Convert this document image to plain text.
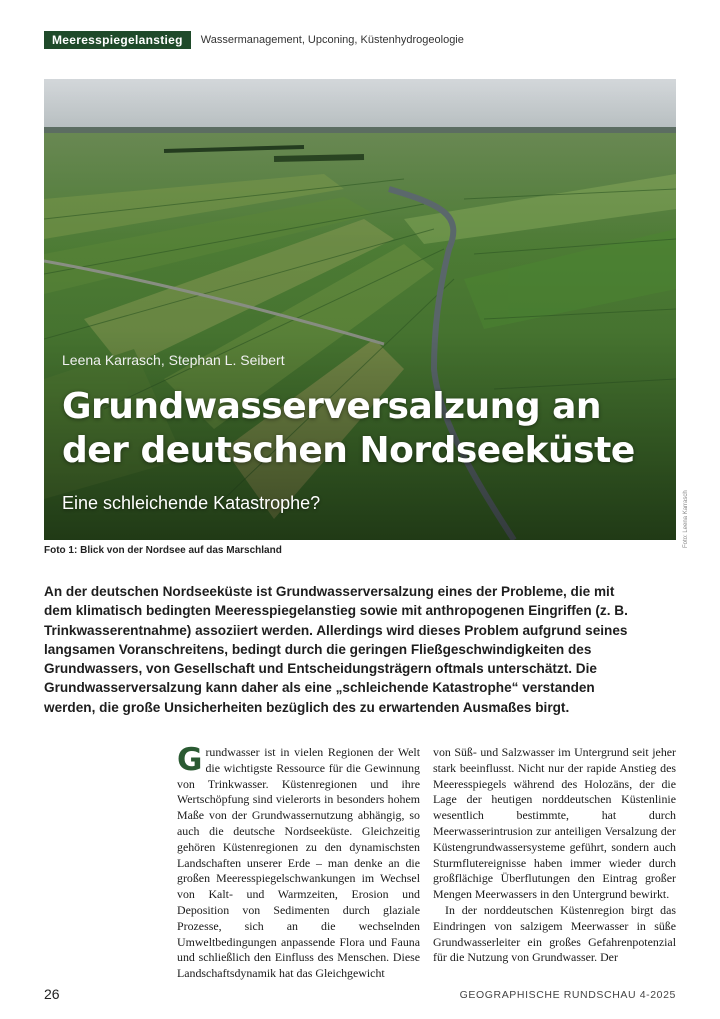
Meeresspiegelanstieg	Wassermanagement, Upconing, Küstenhydrogeologie
Leena Karrasch, Stephan L. Seibert
Grundwasserversalzung an der deutschen Nordseeküste
Eine schleichende Katastrophe?	Foto: Leena Karrasch
Foto 1: Blick von der Nordsee auf das Marschland
An der deutschen Nordseeküste ist Grundwasserversalzung eines der Probleme, die mit dem klimatisch bedingten Meeresspiegelanstieg sowie mit anthropogenen Eingriffen (z. B. Trinkwasserentnahme) assoziiert werden. Allerdings wird dieses Problem aufgrund seines langsamen Voranschreitens, bedingt durch die geringen Fließgeschwindigkeiten des Grundwassers, von Gesellschaft und Entscheidungsträgern oftmals unterschätzt. Die Grundwasserversalzung kann daher als eine „schleichende Katastrophe“ verstanden werden, die große Unsicherheiten bezüglich des zu erwartenden Ausmaßes birgt.

Grundwasser ist in vielen Regionen der Welt die wichtigste Ressource für die Gewinnung von Trinkwasser. Küstenregionen und ihre Wertschöpfung sind vielerorts in besonders hohem Maße von der Grundwassernutzung abhängig, so auch die deutsche Nordseeküste. Gleichzeitig gehören Küstenregionen zu den dynamischsten Landschaften unserer Erde – man denke an die großen Meeresspiegelschwankungen im Wechsel von Kalt- und Warmzeiten, Erosion und Deposition von Sedimenten durch glaziale Prozesse, sich an die wechselnden Umweltbedingungen anpassende Flora und Fauna und schließlich den Einfluss des Menschen. Diese Landschaftsdynamik hat das Gleichgewicht

von Süß- und Salzwasser im Untergrund seit jeher stark beeinflusst. Nicht nur der rapide Anstieg des Meeresspiegels während des Holozäns, der die Lage der heutigen norddeutschen Küstenlinie wesentlich bestimmte, hat durch Meerwasserintrusion zur anteiligen Versalzung der Küstengrundwassersysteme geführt, sondern auch Sturmflutereignisse haben immer wieder durch großflächige Überflutungen den Eintrag großer Mengen Meerwassers in den Untergrund bewirkt.

In der norddeutschen Küstenregion birgt das Eindringen von salzigem Meerwasser in süße Grundwasserleiter ein großes Gefahrenpotenzial für die Nutzung von Grundwasser. Der

26	GEOGRAPHISCHE RUNDSCHAU 4-2025
